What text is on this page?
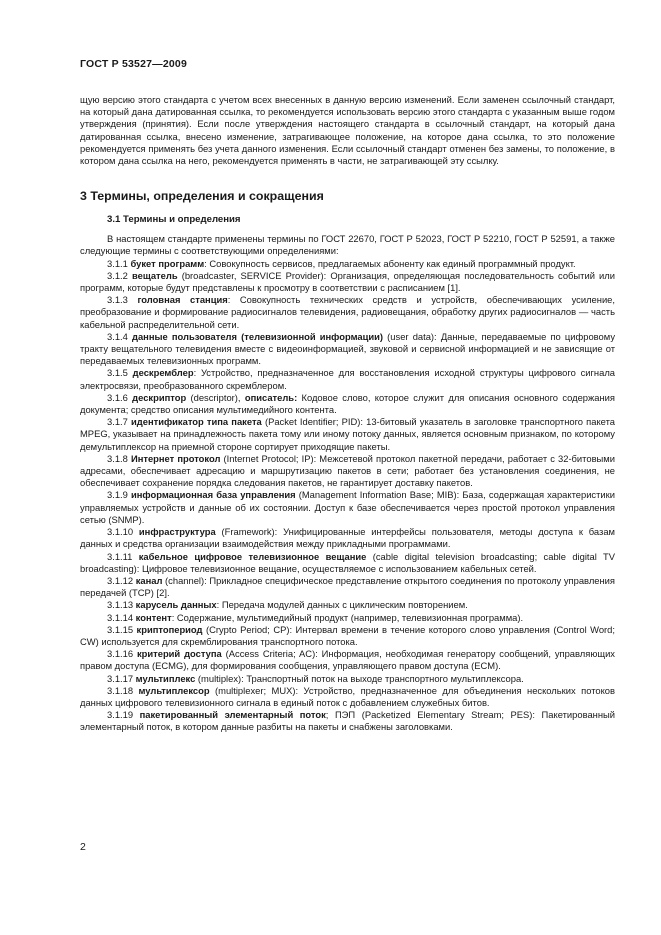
ГОСТ Р 53527—2009

щую версию этого стандарта с учетом всех внесенных в данную версию изменений. Если заменен ссылочный стандарт, на который дана датированная ссылка, то рекомендуется использовать версию этого стандарта с указанным выше годом утверждения (принятия). Если после утверждения настоящего стандарта в ссылочный стандарт, на который дана датированная ссылка, внесено изменение, затрагивающее положение, на которое дана ссылка, то это положение рекомендуется применять без учета данного изменения. Если ссылочный стандарт отменен без замены, то положение, в котором дана ссылка на него, рекомендуется применять в части, не затрагивающей эту ссылку.

3 Термины, определения и сокращения
3.1 Термины и определения

В настоящем стандарте применены термины по ГОСТ 22670, ГОСТ Р 52023, ГОСТ Р 52210, ГОСТ Р 52591, а также следующие термины с соответствующими определениями:

3.1.1 букет программ: Совокупность сервисов, предлагаемых абоненту как единый программный продукт.

3.1.2 вещатель (broadcaster, SERVICE Provider): Организация, определяющая последовательность событий или программ, которые будут представлены к просмотру в соответствии с расписанием [1].

3.1.3 головная станция: Совокупность технических средств и устройств, обеспечивающих усиление, преобразование и формирование радиосигналов телевидения, радиовещания, обработку других радиосигналов — часть кабельной распределительной сети.

3.1.4 данные пользователя (телевизионной информации) (user data): Данные, передаваемые по цифровому тракту вещательного телевидения вместе с видеоинформацией, звуковой и сервисной информацией и не зависящие от передаваемых телевизионных программ.

3.1.5 дескремблер: Устройство, предназначенное для восстановления исходной структуры цифрового сигнала электросвязи, преобразованного скремблером.

3.1.6 дескриптор (descriptor), описатель: Кодовое слово, которое служит для описания основного содержания документа; средство описания мультимедийного контента.

3.1.7 идентификатор типа пакета (Packet Identifier; PID): 13-битовый указатель в заголовке транспортного пакета MPEG, указывает на принадлежность пакета тому или иному потоку данных, является основным признаком, по которому демультиплексор на приемной стороне сортирует приходящие пакеты.

3.1.8 Интернет протокол (Internet Protocol; IP): Межсетевой протокол пакетной передачи, работает с 32-битовыми адресами, обеспечивает адресацию и маршрутизацию пакетов в сети; работает без установления соединения, не обеспечивает сохранение порядка следования пакетов, не гарантирует доставку пакетов.

3.1.9 информационная база управления (Management Information Base; MIB): База, содержащая характеристики управляемых устройств и данные об их состоянии. Доступ к базе обеспечивается через простой протокол управления сетью (SNMP).

3.1.10 инфраструктура (Framework): Унифицированные интерфейсы пользователя, методы доступа к базам данных и средства организации взаимодействия между прикладными программами.

3.1.11 кабельное цифровое телевизионное вещание (cable digital television broadcasting; cable digital TV broadcasting): Цифровое телевизионное вещание, осуществляемое с использованием кабельных сетей.

3.1.12 канал (channel): Прикладное специфическое представление открытого соединения по протоколу управления передачей (TCP) [2].

3.1.13 карусель данных: Передача модулей данных с циклическим повторением.

3.1.14 контент: Содержание, мультимедийный продукт (например, телевизионная программа).

3.1.15 криптопериод (Crypto Period; CP): Интервал времени в течение которого слово управления (Control Word; CW) используется для скремблирования транспортного потока.

3.1.16 критерий доступа (Access Criteria; AC): Информация, необходимая генератору сообщений, управляющих правом доступа (ECMG), для формирования сообщения, управляющего правом доступа (ECM).

3.1.17 мультиплекс (multiplex): Транспортный поток на выходе транспортного мультиплексора.

3.1.18 мультиплексор (multiplexer; MUX): Устройство, предназначенное для объединения нескольких потоков данных цифрового телевизионного сигнала в единый поток с добавлением служебных битов.

3.1.19 пакетированный элементарный поток; ПЭП (Packetized Elementary Stream; PES): Пакетированный элементарный поток, в котором данные разбиты на пакеты и снабжены заголовками.

2
